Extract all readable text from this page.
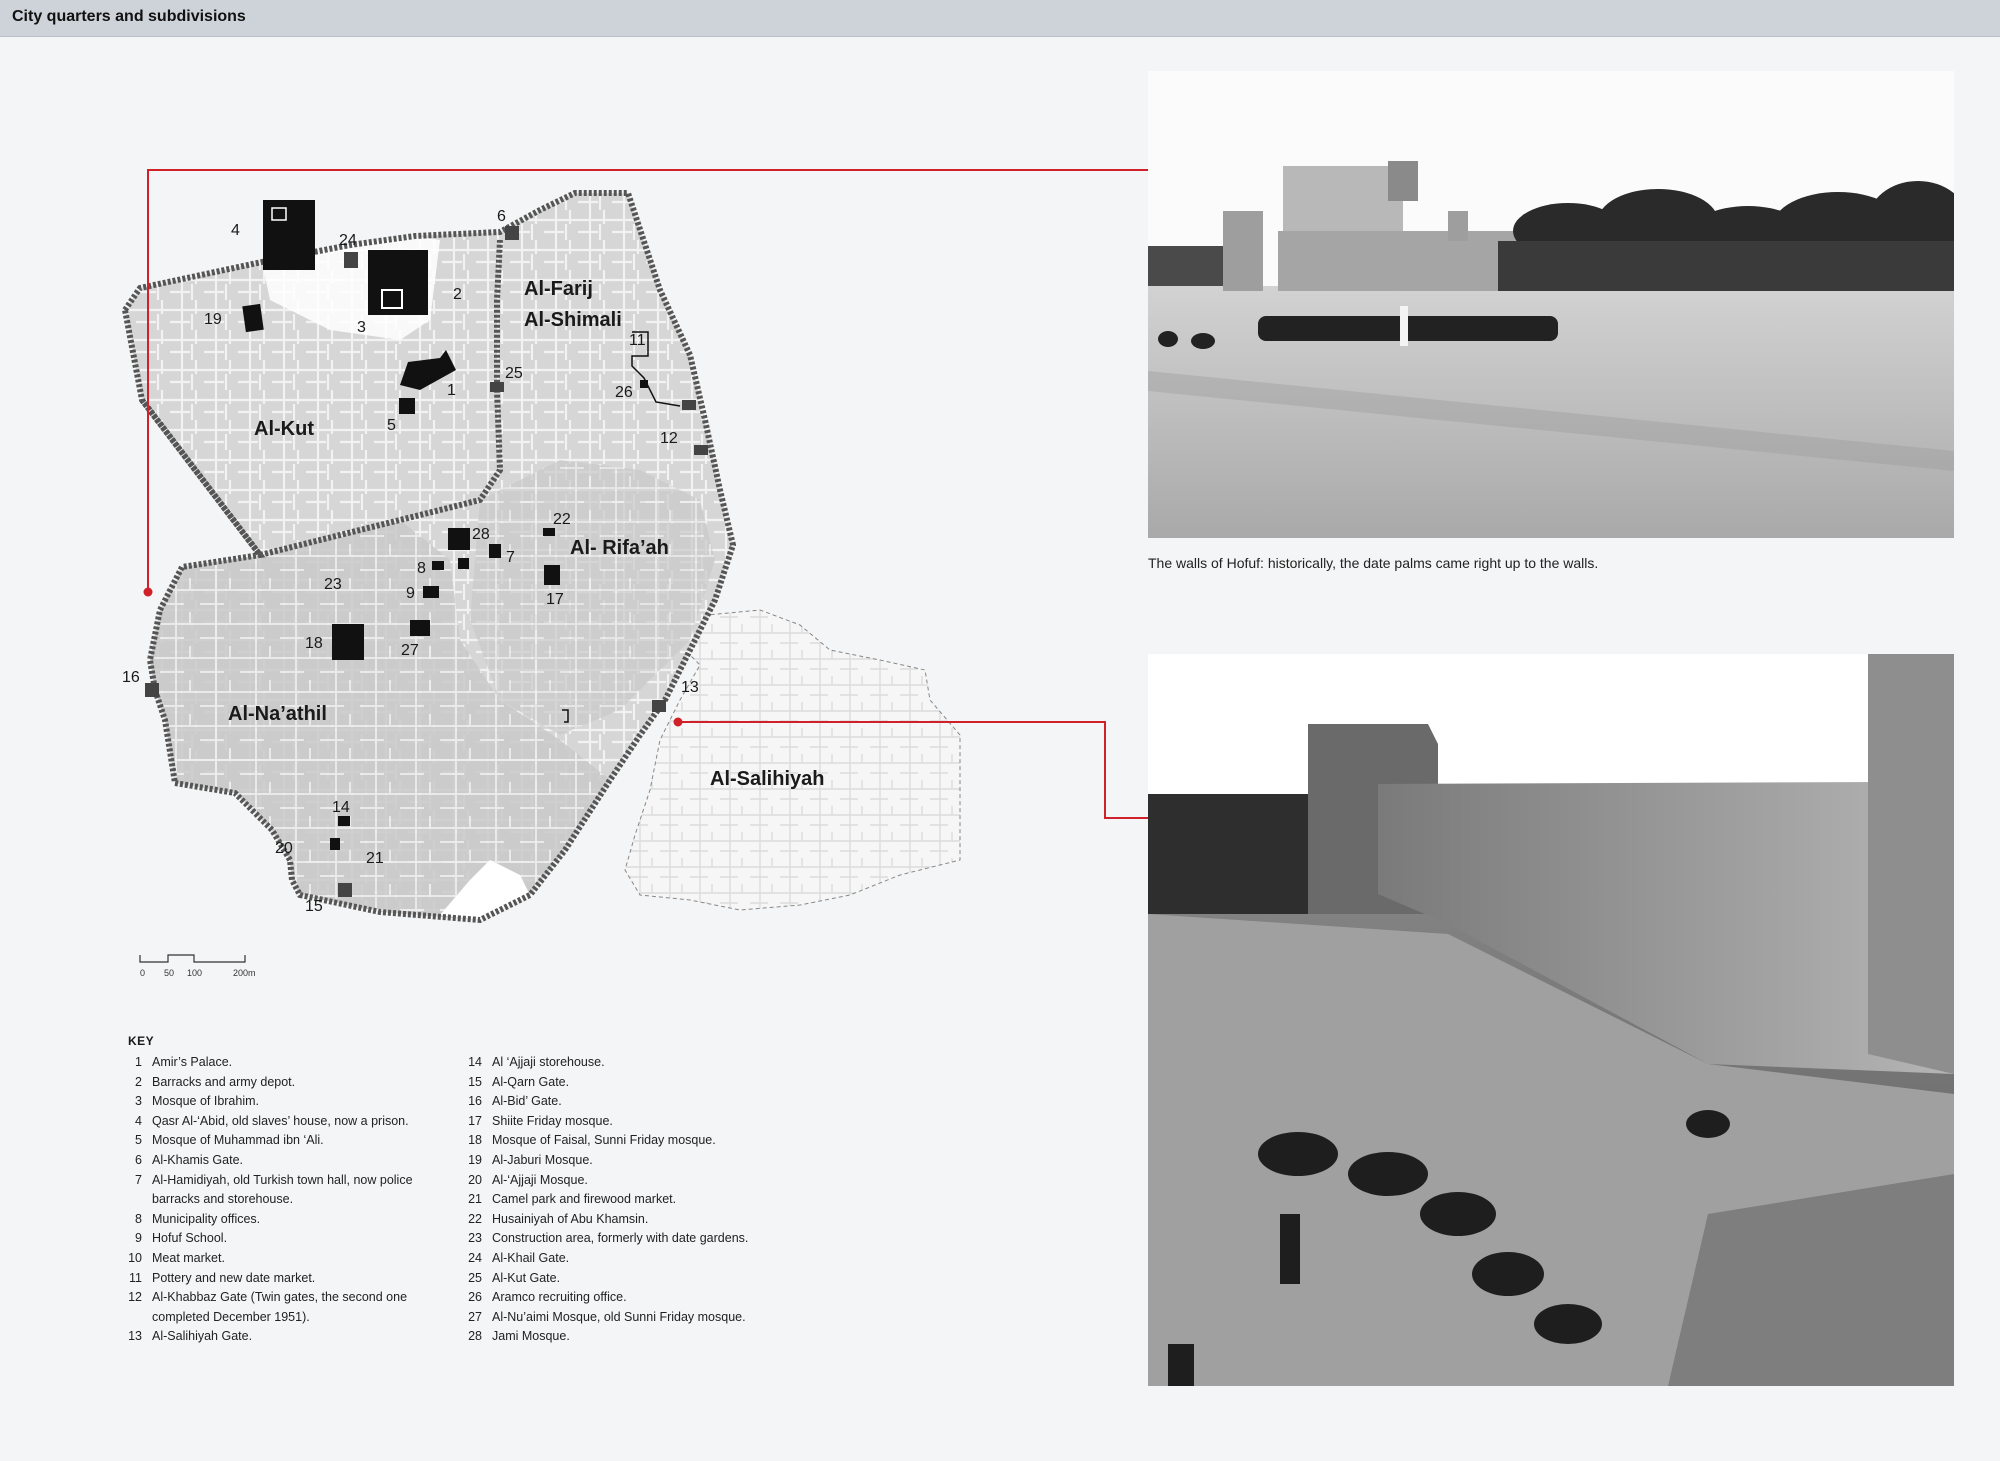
City quarters and subdivisions
Al-Kut
Al-Farij
Al-Shimali
Al- Rifa’ah
Al-Na’athil
Al-Salihiyah
1
2
3
4
5
6
7
8
9
11
12
13
14
15
16
17
18
19
20
21
22
23
24
25
26
27
28
0 50 100	200m
The walls of Hofuf: historically, the date palms came right up to the walls.
KEY
1 Amir’s Palace.
2 Barracks and army depot.
3 Mosque of Ibrahim.
4 Qasr Al-‘Abid, old slaves’ house, now a prison.
5 Mosque of Muhammad ibn ‘Ali.
6 Al-Khamis Gate.
7 Al-Hamidiyah, old Turkish town hall, now police barracks and storehouse.
8 Municipality offices.
9 Hofuf School.
10 Meat market.
11 Pottery and new date market.
12 Al-Khabbaz Gate (Twin gates, the second one completed December 1951).
13 Al-Salihiyah Gate.
14 Al ‘Ajjaji storehouse.
15 Al-Qarn Gate.
16 Al-Bid’ Gate.
17 Shiite Friday mosque.
18 Mosque of Faisal, Sunni Friday mosque.
19 Al-Jaburi Mosque.
20 Al-‘Ajjaji Mosque.
21 Camel park and firewood market.
22 Husainiyah of Abu Khamsin.
23 Construction area, formerly with date gardens.
24 Al-Khail Gate.
25 Al-Kut Gate.
26 Aramco recruiting office.
27 Al-Nu’aimi Mosque, old Sunni Friday mosque.
28 Jami Mosque.
